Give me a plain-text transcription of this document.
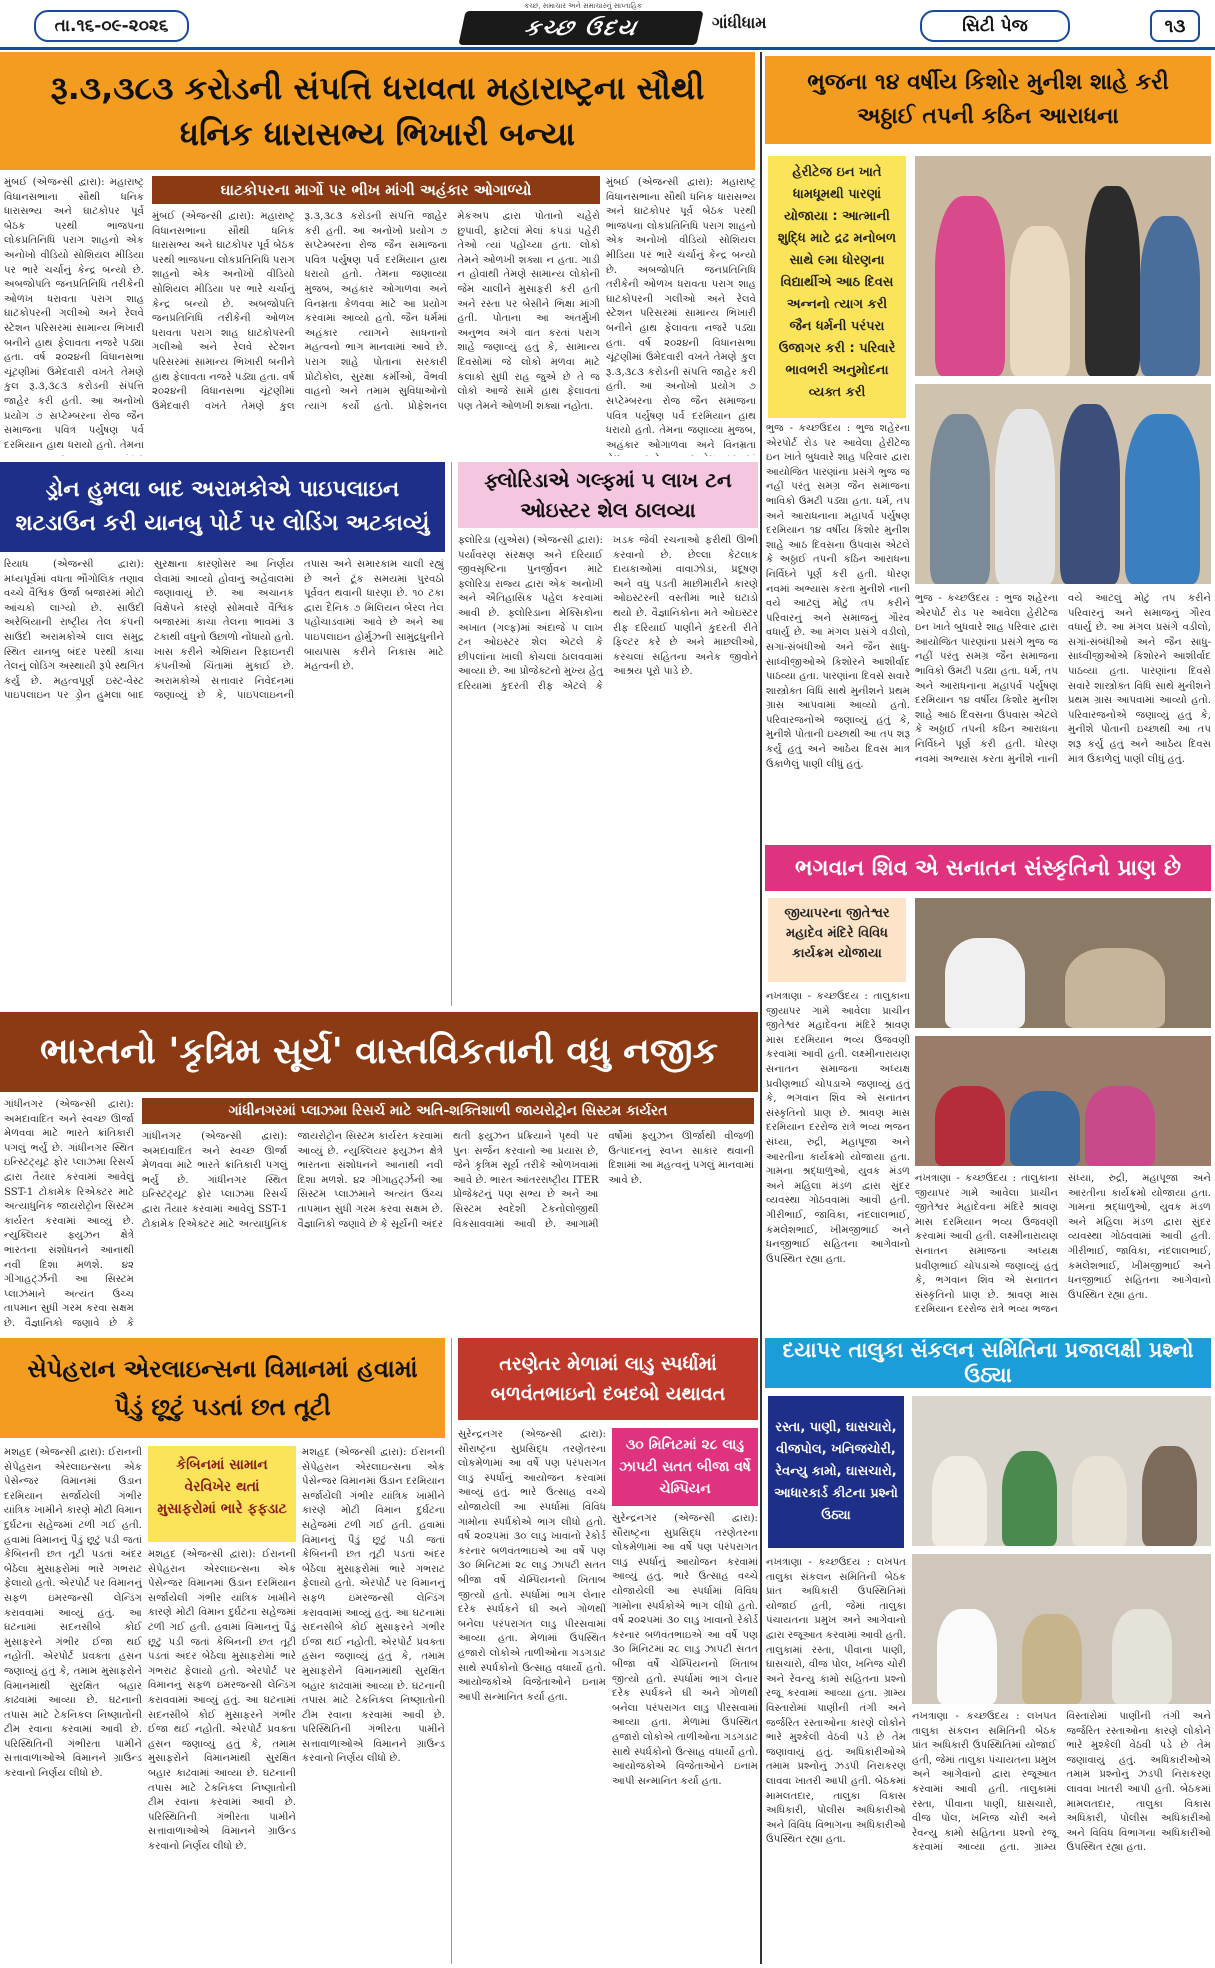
તા.૧૬-૦૯-૨૦૨૬
કચ્છ, સમાચાર અને સમાચારનું સાપ્તાહિક
કચ્છ ઉદય	ગાંધીધામ	સિટી પેજ	૧૩
રૂ.૩,૩૮૩ કરોડની સંપત્તિ ધરાવતા મહારાષ્ટ્રના સૌથી ધનિક ધારાસભ્ય ભિખારી બન્યા
મુંબઈ (એજન્સી દ્વારા): મહારાષ્ટ્ર વિધાનસભાના સૌથી ધનિક ધારાસભ્ય અને ઘાટકોપર પૂર્વ બેઠક પરથી ભાજપના લોકપ્રતિનિધિ પરાગ શાહનો એક અનોખો વીડિયો સોશિયલ મીડિયા પર ભારે ચર્ચાનું કેન્દ્ર બન્યો છે. અબજોપતિ જનપ્રતિનિધિ તરીકેની ઓળખ ધરાવતા પરાગ શાહ ઘાટકોપરની ગલીઓ અને રેલવે સ્ટેશન પરિસરમાં સામાન્ય ભિખારી બનીને હાથ ફેલાવતા નજરે પડ્યા હતા. વર્ષ ૨૦૨૪ની વિધાનસભા ચૂંટણીમાં ઉમેદવારી વખતે તેમણે કુલ રૂ.૩,૩૮૩ કરોડની સંપત્તિ જાહેર કરી હતી. આ અનોખો પ્રયોગ ૭ સપ્ટેમ્બરના રોજ જૈન સમાજના પવિત્ર પર્યુષણ પર્વ દરમિયાન હાથ ધરાયો હતો. તેમના
ઘાટકોપરના માર્ગો પર ભીખ માંગી અહંકાર ઓગાળ્યો
મુંબઈ (એજન્સી દ્વારા): મહારાષ્ટ્ર વિધાનસભાના સૌથી ધનિક ધારાસભ્ય અને ઘાટકોપર પૂર્વ બેઠક પરથી ભાજપના લોકપ્રતિનિધિ પરાગ શાહનો એક અનોખો વીડિયો સોશિયલ મીડિયા પર ભારે ચર્ચાનું કેન્દ્ર બન્યો છે. અબજોપતિ જનપ્રતિનિધિ તરીકેની ઓળખ ધરાવતા પરાગ શાહ ઘાટકોપરની ગલીઓ અને રેલવે સ્ટેશન પરિસરમાં સામાન્ય ભિખારી બનીને હાથ ફેલાવતા નજરે પડ્યા હતા. વર્ષ ૨૦૨૪ની વિધાનસભા ચૂંટણીમાં ઉમેદવારી વખતે તેમણે કુલ રૂ.૩,૩૮૩ કરોડની સંપત્તિ જાહેર કરી હતી. આ અનોખો પ્રયોગ ૭ સપ્ટેમ્બરના રોજ જૈન સમાજના પવિત્ર પર્યુષણ પર્વ દરમિયાન હાથ ધરાયો હતો. તેમના જણાવ્યા મુજબ, અહંકાર ઓગાળવા અને વિનમ્રતા કેળવવા માટે આ પ્રયોગ કરવામાં આવ્યો હતો. જૈન ધર્મમાં અહંકાર ત્યાગને સાધનાનો મહત્વનો ભાગ માનવામાં આવે છે. પરાગ શાહે પોતાના સરકારી પ્રોટોકોલ, સુરક્ષા કર્મીઓ, વૈભવી વાહનો અને તમામ સુવિધાઓનો ત્યાગ કર્યો હતો. પ્રોફેશનલ મેકઅપ દ્વારા પોતાનો ચહેરો છુપાવી, ફાટેલાં મેલાં કપડાં પહેરી તેઓ ત્યાં પહોંચ્યા હતા. લોકો તેમને ઓળખી શક્યા ન હતા. ગાડી ન હોવાથી તેમણે સામાન્ય લોકોની જેમ ચાલીને મુસાફરી કરી હતી અને રસ્તા પર બેસીને ભિક્ષા માંગી હતી. પોતાના આ અંતર્મુખી અનુભવ અંગે વાત કરતાં પરાગ શાહે જણાવ્યું હતું કે, સામાન્ય દિવસોમાં જે લોકો મળવા માટે કલાકો સુધી રાહ જુએ છે તે જ લોકો આજે સામે હાથ ફેલાવતાં પણ તેમને ઓળખી શક્યા નહોતા.
મુંબઈ (એજન્સી દ્વારા): મહારાષ્ટ્ર વિધાનસભાના સૌથી ધનિક ધારાસભ્ય અને ઘાટકોપર પૂર્વ બેઠક પરથી ભાજપના લોકપ્રતિનિધિ પરાગ શાહનો એક અનોખો વીડિયો સોશિયલ મીડિયા પર ભારે ચર્ચાનું કેન્દ્ર બન્યો છે. અબજોપતિ જનપ્રતિનિધિ તરીકેની ઓળખ ધરાવતા પરાગ શાહ ઘાટકોપરની ગલીઓ અને રેલવે સ્ટેશન પરિસરમાં સામાન્ય ભિખારી બનીને હાથ ફેલાવતા નજરે પડ્યા હતા. વર્ષ ૨૦૨૪ની વિધાનસભા ચૂંટણીમાં ઉમેદવારી વખતે તેમણે કુલ રૂ.૩,૩૮૩ કરોડની સંપત્તિ જાહેર કરી હતી. આ અનોખો પ્રયોગ ૭ સપ્ટેમ્બરના રોજ જૈન સમાજના પવિત્ર પર્યુષણ પર્વ દરમિયાન હાથ ધરાયો હતો. તેમના જણાવ્યા મુજબ, અહંકાર ઓગાળવા અને વિનમ્રતા
ભુજના ૧૪ વર્ષીય કિશોર મુનીશ શાહે કરી અઠ્ઠાઈ તપની કઠિન આરાધના
હેરીટેજ ઇન ખાતે ધામધૂમથી પારણાં યોજાયા : આત્માની શુદ્ધિ માટે દ્રઢ મનોબળ સાથે ૯મા ધોરણના વિદ્યાર્થીએ આઠ દિવસ અન્નનો ત્યાગ કરી જૈન ધર્મની પરંપરા ઉજાગર કરી : પરિવારે ભાવભરી અનુમોદના વ્યક્ત કરી
ભુજ - કચ્છઉદય : ભુજ શહેરના એરપોર્ટ રોડ પર આવેલા હેરીટેજ ઇન ખાતે બુધવારે શાહ પરિવાર દ્વારા આયોજિત પારણાંના પ્રસંગે ભુજ જ નહીં પરંતુ સમગ્ર જૈન સમાજના ભાવિકો ઉમટી પડ્યા હતા. ધર્મ, તપ અને આરાધનાના મહાપર્વ પર્યુષણ દરમિયાન ૧૪ વર્ષીય કિશોર મુનીશ શાહે આઠ દિવસના ઉપવાસ એટલે કે અઠ્ઠાઈ તપની કઠિન આરાધના નિર્વિઘ્ને પૂર્ણ કરી હતી. ધોરણ નવમાં અભ્યાસ કરતા મુનીશે નાની વયે આટલું મોટું તપ કરીને પરિવારનું અને સમાજનું ગૌરવ વધાર્યું છે. આ મંગલ પ્રસંગે વડીલો, સગાં-સંબંધીઓ અને જૈન સાધુ-સાધ્વીજીઓએ કિશોરને આશીર્વાદ પાઠવ્યા હતા. પારણાંના દિવસે સવારે શાસ્ત્રોક્ત વિધિ સાથે મુનીશને પ્રથમ ગ્રાસ આપવામાં આવ્યો હતો. પરિવારજનોએ જણાવ્યું હતું કે, મુનીશે પોતાની ઇચ્છાથી આ તપ શરૂ કર્યું હતું અને આઠેય દિવસ માત્ર ઉકાળેલું પાણી લીધું હતું.
ભુજ - કચ્છઉદય : ભુજ શહેરના એરપોર્ટ રોડ પર આવેલા હેરીટેજ ઇન ખાતે બુધવારે શાહ પરિવાર દ્વારા આયોજિત પારણાંના પ્રસંગે ભુજ જ નહીં પરંતુ સમગ્ર જૈન સમાજના ભાવિકો ઉમટી પડ્યા હતા. ધર્મ, તપ અને આરાધનાના મહાપર્વ પર્યુષણ દરમિયાન ૧૪ વર્ષીય કિશોર મુનીશ શાહે આઠ દિવસના ઉપવાસ એટલે કે અઠ્ઠાઈ તપની કઠિન આરાધના નિર્વિઘ્ને પૂર્ણ કરી હતી. ધોરણ નવમાં અભ્યાસ કરતા મુનીશે નાની વયે આટલું મોટું તપ કરીને પરિવારનું અને સમાજનું ગૌરવ વધાર્યું છે. આ મંગલ પ્રસંગે વડીલો, સગાં-સંબંધીઓ અને જૈન સાધુ-સાધ્વીજીઓએ કિશોરને આશીર્વાદ પાઠવ્યા હતા. પારણાંના દિવસે સવારે શાસ્ત્રોક્ત વિધિ સાથે મુનીશને પ્રથમ ગ્રાસ આપવામાં આવ્યો હતો. પરિવારજનોએ જણાવ્યું હતું કે, મુનીશે પોતાની ઇચ્છાથી આ તપ શરૂ કર્યું હતું અને આઠેય દિવસ માત્ર ઉકાળેલું પાણી લીધું હતું.
ડ્રોન હુમલા બાદ અરામકોએ પાઇપલાઇન શટડાઉન કરી યાનબુ પોર્ટ પર લોડિંગ અટકાવ્યું
રિયાધ (એજન્સી દ્વારા): મધ્યપૂર્વમાં વધતા ભૌગોલિક તણાવ વચ્ચે વૈશ્વિક ઉર્જા બજારમાં મોટો આંચકો લાગ્યો છે. સાઉદી અરેબિયાની રાષ્ટ્રીય તેલ કંપની સાઉદી અરામકોએ લાલ સમુદ્ર સ્થિત યાનબુ બંદર પરથી કાચા તેલનું લોડિંગ અસ્થાયી રૂપે સ્થગિત કર્યું છે. મહત્વપૂર્ણ ઇસ્ટ-વેસ્ટ પાઇપલાઇન પર ડ્રોન હુમલા બાદ સુરક્ષાના કારણોસર આ નિર્ણય લેવામાં આવ્યો હોવાનું અહેવાલમાં જણાવાયું છે. આ અચાનક વિક્ષેપને કારણે સોમવારે વૈશ્વિક બજારમાં કાચા તેલના ભાવમાં ૩ ટકાથી વધુનો ઉછાળો નોંધાયો હતો. ખાસ કરીને એશિયન રિફાઇનરી કંપનીઓ ચિંતામાં મુકાઈ છે. અરામકોએ સત્તાવાર નિવેદનમાં જણાવ્યું છે કે, પાઇપલાઇનની તપાસ અને સમારકામ ચાલી રહ્યું છે અને ટૂંક સમયમાં પુરવઠો પૂર્વવત થવાની ધારણા છે. ૧૦ ટકા દ્વારા દૈનિક ૭ મિલિયન બેરલ તેલ પહોંચાડવામાં આવે છે અને આ પાઇપલાઇન હોર્મુઝની સામુદ્રધુનીને બાયપાસ કરીને નિકાસ માટે મહત્વની છે.
ફ્લોરિડાએ ગલ્ફમાં ૫ લાખ ટન ઓઇસ્ટર શેલ ઠાલવ્યા
ફ્લોરિડા (યુએસ) (એજન્સી દ્વારા): પર્યાવરણ સંરક્ષણ અને દરિયાઈ જીવસૃષ્ટિના પુનર્જીવન માટે ફ્લોરિડા રાજ્ય દ્વારા એક અનોખી અને ઐતિહાસિક પહેલ કરવામાં આવી છે. ફ્લોરિડાના મેક્સિકોના અખાત (ગલ્ફ)માં અંદાજે ૫ લાખ ટન ઓઇસ્ટર શેલ એટલે કે છીપલાંના ખાલી કોચલાં ઠાલવવામાં આવ્યા છે. આ પ્રોજેક્ટનો મુખ્ય હેતુ દરિયામાં કુદરતી રીફ એટલે કે ખડક જેવી રચનાઓ ફરીથી ઊભી કરવાનો છે. છેલ્લા કેટલાક દાયકાઓમાં વાવાઝોડાં, પ્રદૂષણ અને વધુ પડતી માછીમારીને કારણે ઓઇસ્ટરની વસ્તીમાં ભારે ઘટાડો થયો છે. વૈજ્ઞાનિકોના મતે ઓઇસ્ટર રીફ દરિયાઈ પાણીને કુદરતી રીતે ફિલ્ટર કરે છે અને માછલીઓ, કરચલાં સહિતના અનેક જીવોને આશ્રય પૂરો પાડે છે.
ભગવાન શિવ એ સનાતન સંસ્કૃતિનો પ્રાણ છે
જીયાપરના જીતેશ્વર મહાદેવ મંદિરે વિવિધ કાર્યક્રમ યોજાયા
નખત્રાણા - કચ્છઉદય : તાલુકાના જીયાપર ગામે આવેલા પ્રાચીન જીતેશ્વર મહાદેવના મંદિરે શ્રાવણ માસ દરમિયાન ભવ્ય ઉજવણી કરવામાં આવી હતી. લક્ષ્મીનારાયણ સનાતન સમાજના અધ્યક્ષ પ્રવીણભાઈ ચોપડાએ જણાવ્યું હતું કે, ભગવાન શિવ એ સનાતન સંસ્કૃતિનો પ્રાણ છે. શ્રાવણ માસ દરમિયાન દરરોજ રાત્રે ભવ્ય ભજન સંધ્યા, રુદ્રી, મહાપૂજા અને આરતીના કાર્યક્રમો યોજાયા હતા. ગામના શ્રદ્ધાળુઓ, યુવક મંડળ અને મહિલા મંડળ દ્વારા સુંદર વ્યવસ્થા ગોઠવવામાં આવી હતી. ગીરીભાઈ, જાવિકા, નંદલાલભાઈ, કમલેશભાઈ, ખીમજીભાઈ અને ધનજીભાઈ સહિતના આગેવાનો ઉપસ્થિત રહ્યા હતા.
નખત્રાણા - કચ્છઉદય : તાલુકાના જીયાપર ગામે આવેલા પ્રાચીન જીતેશ્વર મહાદેવના મંદિરે શ્રાવણ માસ દરમિયાન ભવ્ય ઉજવણી કરવામાં આવી હતી. લક્ષ્મીનારાયણ સનાતન સમાજના અધ્યક્ષ પ્રવીણભાઈ ચોપડાએ જણાવ્યું હતું કે, ભગવાન શિવ એ સનાતન સંસ્કૃતિનો પ્રાણ છે. શ્રાવણ માસ દરમિયાન દરરોજ રાત્રે ભવ્ય ભજન સંધ્યા, રુદ્રી, મહાપૂજા અને આરતીના કાર્યક્રમો યોજાયા હતા. ગામના શ્રદ્ધાળુઓ, યુવક મંડળ અને મહિલા મંડળ દ્વારા સુંદર વ્યવસ્થા ગોઠવવામાં આવી હતી. ગીરીભાઈ, જાવિકા, નંદલાલભાઈ, કમલેશભાઈ, ખીમજીભાઈ અને ધનજીભાઈ સહિતના આગેવાનો ઉપસ્થિત રહ્યા હતા.
ભારતનો 'કૃત્રિમ સૂર્ય' વાસ્તવિકતાની વધુ નજીક
ગાંધીનગર (એજન્સી દ્વારા): અમદાવાદિત અને સ્વચ્છ ઊર્જા મેળવવા માટે ભારતે ક્રાંતિકારી પગલું ભર્યું છે. ગાંધીનગર સ્થિત ઇન્સ્ટિટ્યૂટ ફોર પ્લાઝમા રિસર્ચ દ્વારા તૈયાર કરવામાં આવેલું SST-1 ટોકામેક રિએક્ટર માટે અત્યાધુનિક જાયરોટ્રોન સિસ્ટમ કાર્યરત કરવામાં આવ્યું છે. ન્યુક્લિયર ફ્યુઝન ક્ષેત્રે ભારતના સંશોધનને આનાથી નવી દિશા મળશે. ૪૨ ગીગાહર્ટ્ઝની આ સિસ્ટમ પ્લાઝમાને અત્યંત ઉચ્ચ તાપમાન સુધી ગરમ કરવા સક્ષમ છે. વૈજ્ઞાનિકો જણાવે છે કે
ગાંધીનગરમાં પ્લાઝમા રિસર્ચ માટે અતિ-શક્તિશાળી જાયરોટ્રોન સિસ્ટમ કાર્યરત
ગાંધીનગર (એજન્સી દ્વારા): અમદાવાદિત અને સ્વચ્છ ઊર્જા મેળવવા માટે ભારતે ક્રાંતિકારી પગલું ભર્યું છે. ગાંધીનગર સ્થિત ઇન્સ્ટિટ્યૂટ ફોર પ્લાઝમા રિસર્ચ દ્વારા તૈયાર કરવામાં આવેલું SST-1 ટોકામેક રિએક્ટર માટે અત્યાધુનિક જાયરોટ્રોન સિસ્ટમ કાર્યરત કરવામાં આવ્યું છે. ન્યુક્લિયર ફ્યુઝન ક્ષેત્રે ભારતના સંશોધનને આનાથી નવી દિશા મળશે. ૪૨ ગીગાહર્ટ્ઝની આ સિસ્ટમ પ્લાઝમાને અત્યંત ઉચ્ચ તાપમાન સુધી ગરમ કરવા સક્ષમ છે. વૈજ્ઞાનિકો જણાવે છે કે સૂર્યની અંદર થતી ફ્યુઝન પ્રક્રિયાને પૃથ્વી પર પુનઃ સર્જન કરવાનો આ પ્રયાસ છે, જેને કૃત્રિમ સૂર્ય તરીકે ઓળખવામાં આવે છે. ભારત આંતરરાષ્ટ્રીય ITER પ્રોજેક્ટનું પણ સભ્ય છે અને આ સિસ્ટમ સ્વદેશી ટેકનોલોજીથી વિકસાવવામાં આવી છે. આગામી વર્ષોમાં ફ્યુઝન ઊર્જાથી વીજળી ઉત્પાદનનું સ્વપ્ન સાકાર થવાની દિશામાં આ મહત્વનું પગલું માનવામાં આવે છે.
સેપેહરાન એરલાઇન્સના વિમાનમાં હવામાં પૈડું છૂટું પડતાં છત તૂટી
મશહદ (એજન્સી દ્વારા): ઈરાનની સેપેહરાન એરલાઇન્સના એક પેસેન્જર વિમાનમાં ઉડાન દરમિયાન સર્જાયેલી ગંભીર યાંત્રિક ખામીને કારણે મોટી વિમાન દુર્ઘટના સહેજમાં ટળી ગઈ હતી. હવામાં વિમાનનું પૈડું છૂટું પડી જતાં કેબિનની છત તૂટી પડતાં અંદર બેઠેલા મુસાફરોમાં ભારે ગભરાટ ફેલાયો હતો. એરપોર્ટ પર વિમાનનું સફળ ઇમરજન્સી લેન્ડિંગ કરાવવામાં આવ્યું હતું. આ ઘટનામાં સદનસીબે કોઈ મુસાફરને ગંભીર ઈજા થઈ નહોતી. એરપોર્ટ પ્રવક્તા હસન જણાવ્યું હતું કે, તમામ મુસાફરોને વિમાનમાંથી સુરક્ષિત બહાર કાઢવામાં આવ્યા છે. ઘટનાની તપાસ માટે ટેકનિકલ નિષ્ણાતોની ટીમ રવાના કરવામાં આવી છે. પરિસ્થિતિની ગંભીરતા પામીને સત્તાવાળાઓએ વિમાનને ગ્રાઉન્ડ કરવાનો નિર્ણય લીધો છે.
કેબિનમાં સામાન વેરવિખેર થતાં મુસાફરોમાં ભારે ફફડાટ
મશહદ (એજન્સી દ્વારા): ઈરાનની સેપેહરાન એરલાઇન્સના એક પેસેન્જર વિમાનમાં ઉડાન દરમિયાન સર્જાયેલી ગંભીર યાંત્રિક ખામીને કારણે મોટી વિમાન દુર્ઘટના સહેજમાં ટળી ગઈ હતી. હવામાં વિમાનનું પૈડું છૂટું પડી જતાં કેબિનની છત તૂટી પડતાં અંદર બેઠેલા મુસાફરોમાં ભારે ગભરાટ ફેલાયો હતો. એરપોર્ટ પર વિમાનનું સફળ ઇમરજન્સી લેન્ડિંગ કરાવવામાં આવ્યું હતું. આ ઘટનામાં સદનસીબે કોઈ મુસાફરને ગંભીર ઈજા થઈ નહોતી. એરપોર્ટ પ્રવક્તા હસન જણાવ્યું હતું કે, તમામ મુસાફરોને વિમાનમાંથી સુરક્ષિત બહાર કાઢવામાં આવ્યા છે. ઘટનાની તપાસ માટે ટેકનિકલ નિષ્ણાતોની ટીમ રવાના કરવામાં આવી છે. પરિસ્થિતિની ગંભીરતા પામીને સત્તાવાળાઓએ વિમાનને ગ્રાઉન્ડ કરવાનો નિર્ણય લીધો છે.
મશહદ (એજન્સી દ્વારા): ઈરાનની સેપેહરાન એરલાઇન્સના એક પેસેન્જર વિમાનમાં ઉડાન દરમિયાન સર્જાયેલી ગંભીર યાંત્રિક ખામીને કારણે મોટી વિમાન દુર્ઘટના સહેજમાં ટળી ગઈ હતી. હવામાં વિમાનનું પૈડું છૂટું પડી જતાં કેબિનની છત તૂટી પડતાં અંદર બેઠેલા મુસાફરોમાં ભારે ગભરાટ ફેલાયો હતો. એરપોર્ટ પર વિમાનનું સફળ ઇમરજન્સી લેન્ડિંગ કરાવવામાં આવ્યું હતું. આ ઘટનામાં સદનસીબે કોઈ મુસાફરને ગંભીર ઈજા થઈ નહોતી. એરપોર્ટ પ્રવક્તા હસન જણાવ્યું હતું કે, તમામ મુસાફરોને વિમાનમાંથી સુરક્ષિત બહાર કાઢવામાં આવ્યા છે. ઘટનાની તપાસ માટે ટેકનિકલ નિષ્ણાતોની ટીમ રવાના કરવામાં આવી છે. પરિસ્થિતિની ગંભીરતા પામીને સત્તાવાળાઓએ વિમાનને ગ્રાઉન્ડ કરવાનો નિર્ણય લીધો છે.
તરણેતર મેળામાં લાડુ સ્પર્ધામાં બળવંતભાઇનો દબદબો યથાવત
સુરેન્દ્રનગર (એજન્સી દ્વારા): સૌરાષ્ટ્રના સુપ્રસિદ્ધ તરણેતરના લોકમેળામાં આ વર્ષે પણ પરંપરાગત લાડુ સ્પર્ધાનું આયોજન કરવામાં આવ્યું હતું. ભારે ઉત્સાહ વચ્ચે યોજાયેલી આ સ્પર્ધામાં વિવિધ ગામોના સ્પર્ધકોએ ભાગ લીધો હતો. વર્ષ ૨૦૨૫માં ૩૦ લાડુ ખાવાનો રેકોર્ડ કરનાર બળવંતભાઇએ આ વર્ષે પણ ૩૦ મિનિટમાં ૨૮ લાડુ ઝાપટી સતત બીજા વર્ષે ચેમ્પિયનનો ખિતાબ જીત્યો હતો. સ્પર્ધામાં ભાગ લેનાર દરેક સ્પર્ધકને ઘી અને ગોળથી બનેલા પરંપરાગત લાડુ પીરસવામાં આવ્યા હતા. મેળામાં ઉપસ્થિત હજારો લોકોએ તાળીઓના ગડગડાટ સાથે સ્પર્ધકોનો ઉત્સાહ વધાર્યો હતો. આયોજકોએ વિજેતાઓને ઇનામ આપી સન્માનિત કર્યા હતા.
૩૦ મિનિટમાં ૨૮ લાડુ ઝાપટી સતત બીજા વર્ષે ચેમ્પિયન
સુરેન્દ્રનગર (એજન્સી દ્વારા): સૌરાષ્ટ્રના સુપ્રસિદ્ધ તરણેતરના લોકમેળામાં આ વર્ષે પણ પરંપરાગત લાડુ સ્પર્ધાનું આયોજન કરવામાં આવ્યું હતું. ભારે ઉત્સાહ વચ્ચે યોજાયેલી આ સ્પર્ધામાં વિવિધ ગામોના સ્પર્ધકોએ ભાગ લીધો હતો. વર્ષ ૨૦૨૫માં ૩૦ લાડુ ખાવાનો રેકોર્ડ કરનાર બળવંતભાઇએ આ વર્ષે પણ ૩૦ મિનિટમાં ૨૮ લાડુ ઝાપટી સતત બીજા વર્ષે ચેમ્પિયનનો ખિતાબ જીત્યો હતો. સ્પર્ધામાં ભાગ લેનાર દરેક સ્પર્ધકને ઘી અને ગોળથી બનેલા પરંપરાગત લાડુ પીરસવામાં આવ્યા હતા. મેળામાં ઉપસ્થિત હજારો લોકોએ તાળીઓના ગડગડાટ સાથે સ્પર્ધકોનો ઉત્સાહ વધાર્યો હતો. આયોજકોએ વિજેતાઓને ઇનામ આપી સન્માનિત કર્યા હતા.
દયાપર તાલુકા સંકલન સમિતિના પ્રજાલક્ષી પ્રશ્નો ઉઠ્યા
રસ્તા, પાણી, ઘાસચારો, વીજપોલ, ખનિજચોરી, રેવન્યુ કામો, ઘાસચારો, આધારકાર્ડ કીટના પ્રશ્નો ઉઠ્યા
નખત્રાણા - કચ્છઉદય : લખપત તાલુકા સંકલન સમિતિની બેઠક પ્રાંત અધિકારી ઉપસ્થિતિમાં યોજાઈ હતી, જેમાં તાલુકા પંચાયતના પ્રમુખ અને આગેવાનો દ્વારા રજૂઆત કરવામાં આવી હતી. તાલુકામાં રસ્તા, પીવાના પાણી, ઘાસચારો, વીજ પોલ, ખનિજ ચોરી અને રેવન્યુ કામો સહિતના પ્રશ્નો રજૂ કરવામાં આવ્યા હતા. ગ્રામ્ય વિસ્તારોમાં પાણીની તંગી અને જર્જરિત રસ્તાઓના કારણે લોકોને ભારે મુશ્કેલી વેઠવી પડે છે તેમ જણાવાયું હતું. અધિકારીઓએ તમામ પ્રશ્નોનું ઝડપી નિરાકરણ લાવવા ખાતરી આપી હતી. બેઠકમાં મામલતદાર, તાલુકા વિકાસ અધિકારી, પોલીસ અધિકારીઓ અને વિવિધ વિભાગના અધિકારીઓ ઉપસ્થિત રહ્યા હતા.
નખત્રાણા - કચ્છઉદય : લખપત તાલુકા સંકલન સમિતિની બેઠક પ્રાંત અધિકારી ઉપસ્થિતિમાં યોજાઈ હતી, જેમાં તાલુકા પંચાયતના પ્રમુખ અને આગેવાનો દ્વારા રજૂઆત કરવામાં આવી હતી. તાલુકામાં રસ્તા, પીવાના પાણી, ઘાસચારો, વીજ પોલ, ખનિજ ચોરી અને રેવન્યુ કામો સહિતના પ્રશ્નો રજૂ કરવામાં આવ્યા હતા. ગ્રામ્ય વિસ્તારોમાં પાણીની તંગી અને જર્જરિત રસ્તાઓના કારણે લોકોને ભારે મુશ્કેલી વેઠવી પડે છે તેમ જણાવાયું હતું. અધિકારીઓએ તમામ પ્રશ્નોનું ઝડપી નિરાકરણ લાવવા ખાતરી આપી હતી. બેઠકમાં મામલતદાર, તાલુકા વિકાસ અધિકારી, પોલીસ અધિકારીઓ અને વિવિધ વિભાગના અધિકારીઓ ઉપસ્થિત રહ્યા હતા.
